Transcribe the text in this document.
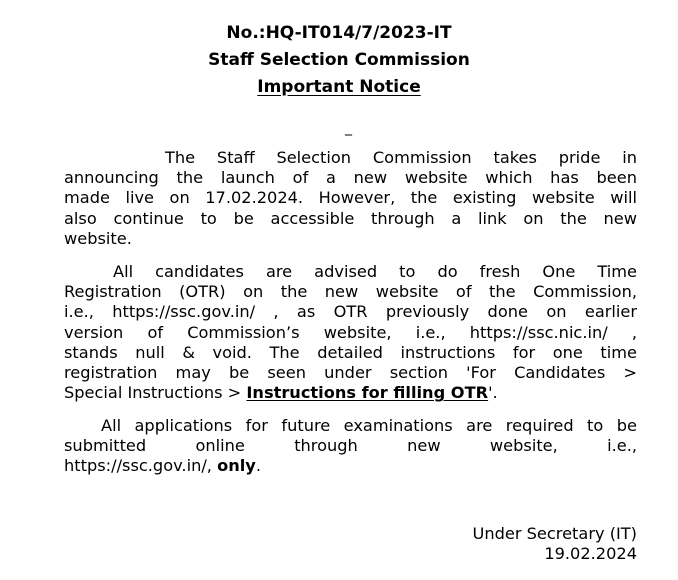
No.:HQ-IT014/7/2023-IT
Staff Selection Commission
Important Notice
_
The Staff Selection Commission takes pride in
announcing the launch of a new website which has been
made live on 17.02.2024. However, the existing website will
also continue to be accessible through a link on the new
website.
All candidates are advised to do fresh One Time
Registration (OTR) on the new website of the Commission,
i.e., https://ssc.gov.in/ , as OTR previously done on earlier
version of Commission’s website, i.e., https://ssc.nic.in/ ,
stands null & void. The detailed instructions for one time
registration may be seen under section 'For Candidates >
Special Instructions > Instructions for filling OTR'.
All applications for future examinations are required to be
submitted online through new website, i.e.,
https://ssc.gov.in/, only.
Under Secretary (IT)
19.02.2024
